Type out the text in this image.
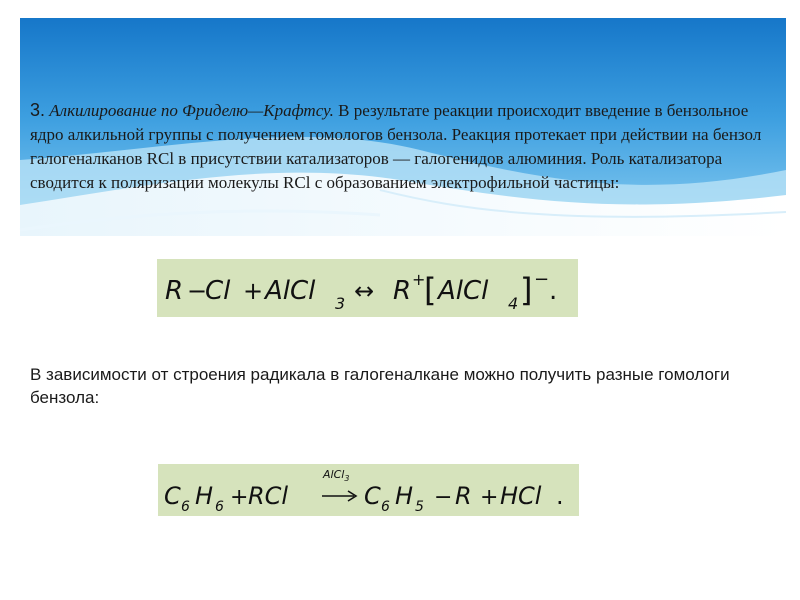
3. Алкилирование по Фриделю—Крафтсу. В результате реакции происходит введение в бензольное ядро алкильной группы с получением гомологов бензола. Реакция протекает при действии на бензол галогеналканов RCl в присутствии катализаторов — галогенидов алюминия. Роль катализатора сводится к поляризации молекулы RCl с образованием электрофильной частицы:
R −
Cl + AlCl 3 ↔ R +
[ AlCl 4 ] − .
В зависимости от строения радикала в галогеналкане можно получить разные гомологи бензола:
C 6 H 6 + RCl
AlCl$_3$
C 6 H 5 − R + HCl .
